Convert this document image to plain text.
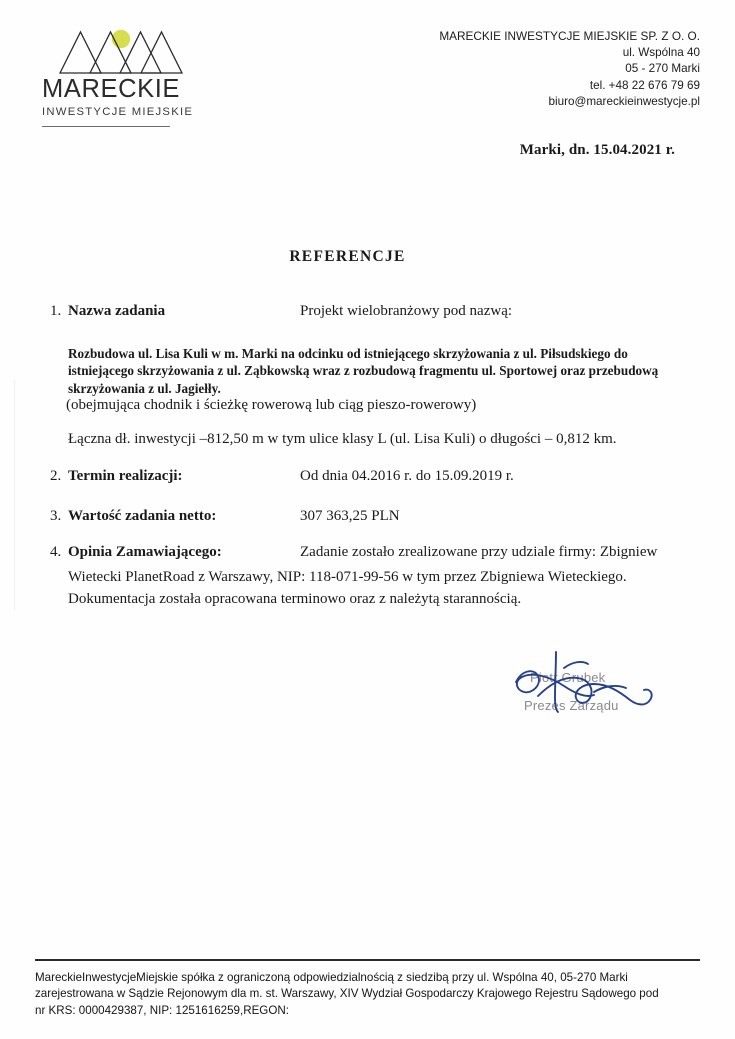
MARECKIE
INWESTYCJE MIEJSKIE
MARECKIE INWESTYCJE MIEJSKIE SP. Z O. O.
ul. Wspólna 40
05 - 270 Marki
tel. +48 22 676 79 69
biuro@mareckieinwestycje.pl
Marki, dn. 15.04.2021 r.
REFERENCJE
1. Nazwa zadania	Projekt wielobranżowy pod nazwą:
Rozbudowa ul. Lisa Kuli w m. Marki na odcinku od istniejącego skrzyżowania z ul. Piłsudskiego do istniejącego skrzyżowania z ul. Ząbkowską wraz z rozbudową fragmentu ul. Sportowej oraz przebudową skrzyżowania z ul. Jagiełły.
(obejmująca chodnik i ścieżkę rowerową lub ciąg pieszo-rowerowy)
Łączna dł. inwestycji –812,50 m w tym ulice klasy L (ul. Lisa Kuli) o długości – 0,812 km.
2. Termin realizacji:	Od dnia 04.2016 r. do 15.09.2019 r.
3. Wartość zadania netto:	307 363,25 PLN
4. Opinia Zamawiającego:	Zadanie zostało zrealizowane przy udziale firmy: Zbigniew
Wietecki PlanetRoad z Warszawy, NIP: 118-071-99-56 w tym przez Zbigniewa Wieteckiego. Dokumentacja została opracowana terminowo oraz z należytą starannością.
Piotr Grubek
Prezes Zarządu
MareckieInwestycjeMiejskie spółka z ograniczoną odpowiedzialnością z siedzibą przy ul. Wspólna 40, 05-270 Marki
zarejestrowana w Sądzie Rejonowym dla m. st. Warszawy, XIV Wydział Gospodarczy Krajowego Rejestru Sądowego pod
nr KRS: 0000429387, NIP: 1251616259,REGON:
